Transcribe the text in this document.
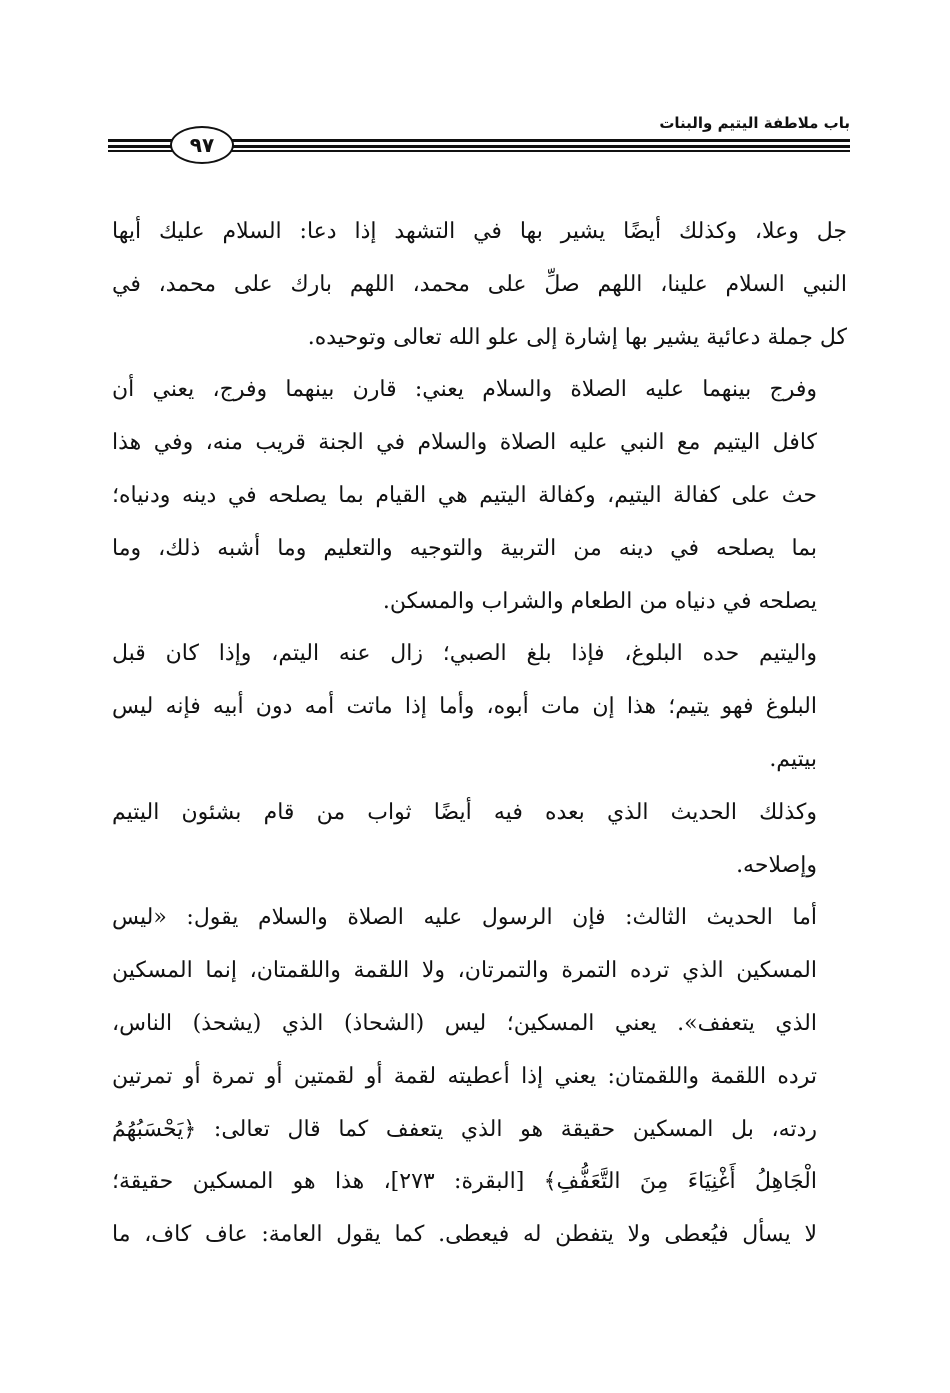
باب ملاطفة اليتيم والبنات
٩٧

جل وعلا، وكذلك أيضًا يشير بها في التشهد إذا دعا: السلام عليك أيها
النبي السلام علينا، اللهم صلِّ على محمد، اللهم بارك على محمد، في
كل جملة دعائية يشير بها إشارة إلى علو الله تعالى وتوحيده.

وفرج بينهما عليه الصلاة والسلام يعني: قارن بينهما وفرج، يعني أن
كافل اليتيم مع النبي عليه الصلاة والسلام في الجنة قريب منه، وفي هذا
حث على كفالة اليتيم، وكفالة اليتيم هي القيام بما يصلحه في دينه ودنياه؛
بما يصلحه في دينه من التربية والتوجيه والتعليم وما أشبه ذلك، وما
يصلحه في دنياه من الطعام والشراب والمسكن.

واليتيم حده البلوغ، فإذا بلغ الصبي؛ زال عنه اليتم، وإذا كان قبل
البلوغ فهو يتيم؛ هذا إن مات أبوه، وأما إذا ماتت أمه دون أبيه فإنه ليس
بيتيم.

وكذلك الحديث الذي بعده فيه أيضًا ثواب من قام بشئون اليتيم
وإصلاحه.

أما الحديث الثالث: فإن الرسول عليه الصلاة والسلام يقول: «ليس
المسكين الذي ترده التمرة والتمرتان، ولا اللقمة واللقمتان، إنما المسكين
الذي يتعفف». يعني المسكين؛ ليس (الشحاذ) الذي (يشحذ) الناس،
ترده اللقمة واللقمتان: يعني إذا أعطيته لقمة أو لقمتين أو تمرة أو تمرتين
ردته، بل المسكين حقيقة هو الذي يتعفف كما قال تعالى: ﴿يَحْسَبُهُمُ
الْجَاهِلُ أَغْنِيَاءَ مِنَ التَّعَفُّفِ﴾ [البقرة: ٢٧٣]، هذا هو المسكين حقيقة؛
لا يسأل فيُعطى ولا يتفطن له فيعطى. كما يقول العامة: عاف كاف، ما
